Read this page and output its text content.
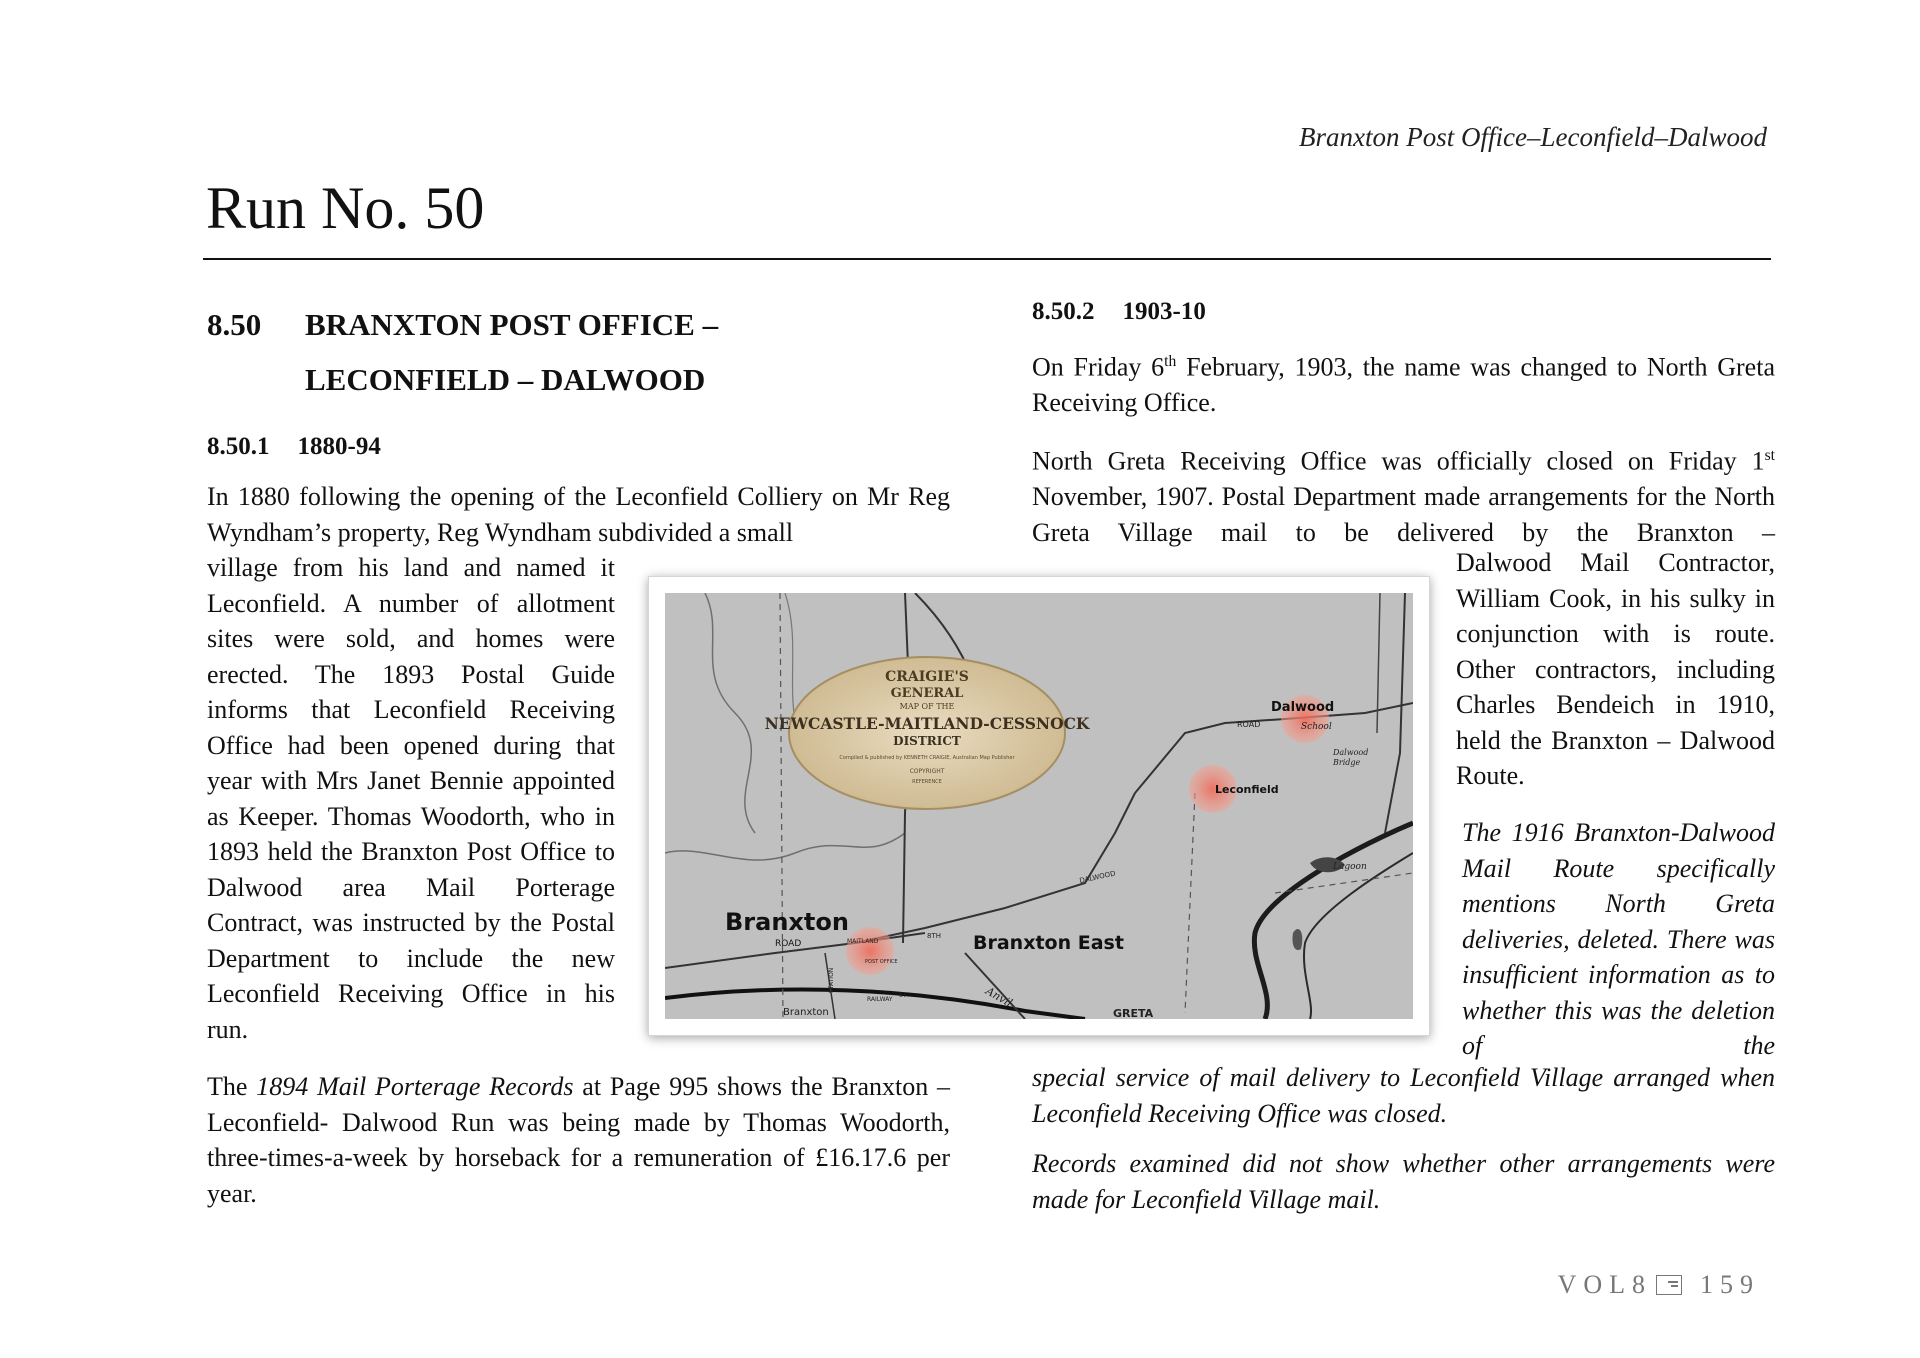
Branxton Post Office–Leconfield–Dalwood
Run No. 50
8.50 BRANXTON POST OFFICE –
LECONFIELD – DALWOOD
8.50.1 1880-94

In 1880 following the opening of the Leconfield Colliery on Mr Reg Wyndham’s property, Reg Wyndham subdivided a small

village from his land and named it Leconfield. A number of allotment sites were sold, and homes were erected. The 1893 Postal Guide informs that Leconfield Receiving Office had been opened during that year with Mrs Janet Bennie appointed as Keeper. Thomas Woodorth, who in 1893 held the Branxton Post Office to Dalwood area Mail Porterage Contract, was instructed by the Postal Department to include the new Leconfield Receiving Office in his run.

The 1894 Mail Porterage Records at Page 995 shows the Branxton – Leconfield- Dalwood Run was being made by Thomas Woodorth, three-times-a-week by horseback for a remuneration of £16.17.6 per year.

8.50.2 1903-10

On Friday 6th February, 1903, the name was changed to North Greta Receiving Office.

North Greta Receiving Office was officially closed on Friday 1st November, 1907. Postal Department made arrangements for the North Greta Village mail to be delivered by the Branxton –

Dalwood Mail Contractor, William Cook, in his sulky in conjunction with is route. Other contractors, including Charles Bendeich in 1910, held the Branxton – Dalwood Route.

The 1916 Branxton-Dalwood Mail Route specifically mentions North Greta deliveries, deleted. There was insufficient information as to whether this was the deletion of the

special service of mail delivery to Leconfield Village arranged when Leconfield Receiving Office was closed.

Records examined did not show whether other arrangements were made for Leconfield Village mail.

CRAIGIE'S
GENERAL
MAP OF THE
NEWCASTLE-MAITLAND-CESSNOCK
DISTRICT
Compiled & published by KENNETH CRAIGIE, Australian Map Publisher
COPYRIGHT
REFERENCE
Branxton
ROAD	MAITLAND
POST OFFICE
8TH Branxton East
DALWOOD
Leconfield
Dalwood
ROAD	School
Dalwood
Bridge
Lagoon
STATION
RAILWAY
ST
Branxton
Anvil
GRETA
VOL8 159
